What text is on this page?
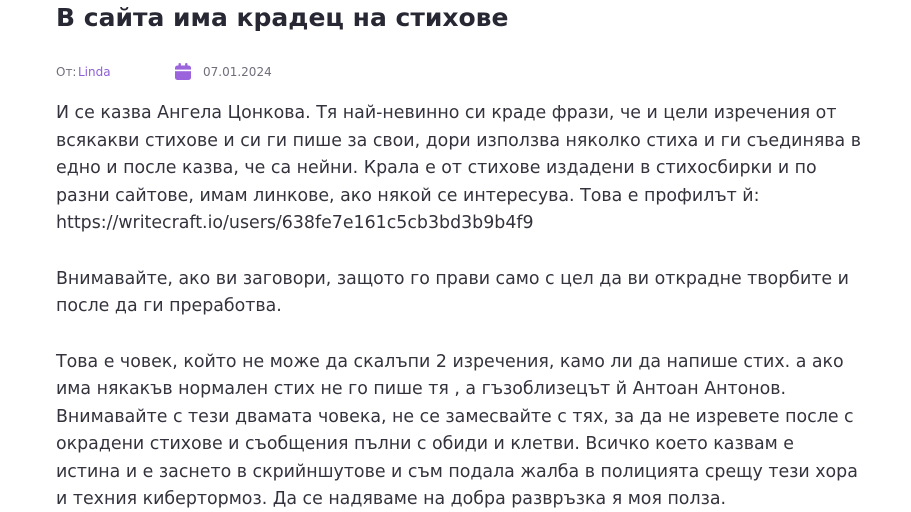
В сайта има крадец на стихове
От: Linda	07.01.2024

И се казва Ангела Цонкова. Тя най-невинно си краде фрази, че и цели изречения от
всякакви стихове и си ги пише за свои, дори използва няколко стиха и ги съединява в
едно и после казва, че са нейни. Крала е от стихове издадени в стихосбирки и по
разни сайтове, имам линкове, ако някой се интересува. Това е профилът й:
https://writecraft.io/users/638fe7e161c5cb3bd3b9b4f9

Внимавайте, ако ви заговори, защото го прави само с цел да ви открадне творбите и
после да ги преработва.

Това е човек, който не може да скалъпи 2 изречения, камо ли да напише стих. а ако
има някакъв нормален стих не го пише тя , а гъзоблизецът й Антоан Антонов.
Внимавайте с тези двамата човека, не се замесвайте с тях, за да не изревете после с
окрадени стихове и съобщения пълни с обиди и клетви. Всичко което казвам е
истина и е заснето в скрийншутове и съм подала жалба в полицията срещу тези хора
и техния кибертормоз. Да се надяваме на добра развръзка я моя полза.
